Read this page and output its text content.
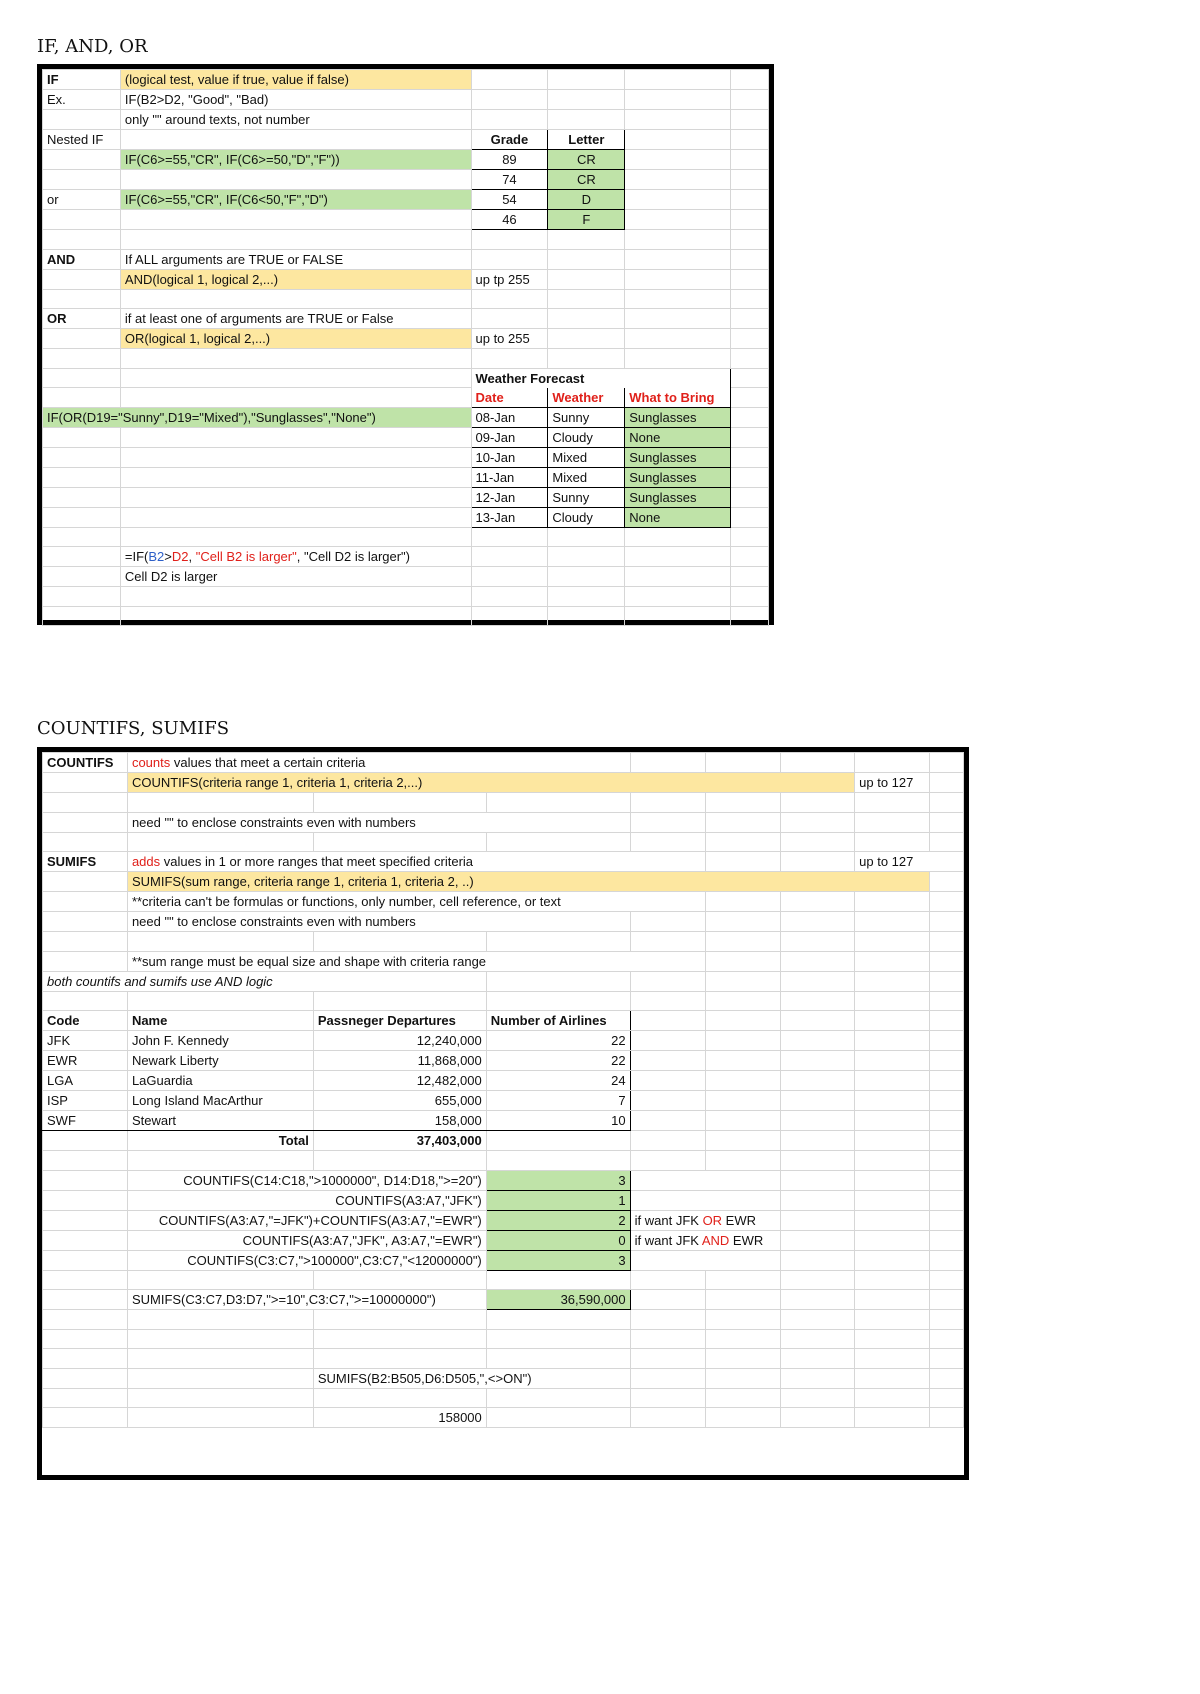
IF, AND, OR
IF	(logical test, value if true, value if false)				
Ex.	IF(B2>D2, "Good", "Bad)				
	only "" around texts, not number				
Nested IF		Grade	Letter		
	IF(C6>=55,"CR", IF(C6>=50,"D","F"))	89	CR		
		74	CR		
or	IF(C6>=55,"CR", IF(C6<50,"F","D")	54	D		
		46	F		

AND	If ALL arguments are TRUE or FALSE				
	AND(logical 1, logical 2,...)	up tp 255			

OR	if at least one of arguments are TRUE or False				
	OR(logical 1, logical 2,...)	up to 255			

		Weather Forecast			
		Date	Weather	What to Bring	
IF(OR(D19="Sunny",D19="Mixed"),"Sunglasses","None")		08-Jan	Sunny	Sunglasses	
		09-Jan	Cloudy	None	
		10-Jan	Mixed	Sunglasses	
		11-Jan	Mixed	Sunglasses	
		12-Jan	Sunny	Sunglasses	
		13-Jan	Cloudy	None	

	=IF(B2>D2, "Cell B2 is larger", "Cell D2 is larger")				
	Cell D2 is larger				

COUNTIFS, SUMIFS
COUNTIFS	counts values that meet a certain criteria							
	COUNTIFS(criteria range 1, criteria 1, criteria 2,...)						up to 127	

	need "" to enclose constraints even with numbers							

SUMIFS	adds values in 1 or more ranges that meet specified criteria						up to 127	
	SUMIFS(sum range, criteria range 1, criteria 1, criteria 2, ..)							
	**criteria can't be formulas or functions, only number, cell reference, or text							
	need "" to enclose constraints even with numbers							

	**sum range must be equal size and shape with criteria range							
both countifs and sumifs use AND logic								

Code	Name	Passneger Departures	Number of Airlines					
JFK	John F. Kennedy	12,240,000	22					
EWR	Newark Liberty	11,868,000	22					
LGA	LaGuardia	12,482,000	24					
ISP	Long Island MacArthur	655,000	7					
SWF	Stewart	158,000	10					
	Total	37,403,000						

	COUNTIFS(C14:C18,">1000000", D14:D18,">=20")		3					
	COUNTIFS(A3:A7,"JFK")		1					
	COUNTIFS(A3:A7,"=JFK")+COUNTIFS(A3:A7,"=EWR")		2	if want JFK OR EWR				
	COUNTIFS(A3:A7,"JFK", A3:A7,"=EWR")		0	if want JFK AND EWR				
	COUNTIFS(C3:C7,">100000",C3:C7,"<12000000")		3					

	SUMIFS(C3:C7,D3:D7,">=10",C3:C7,">=10000000")		36,590,000					

		SUMIFS(B2:B505,D6:D505,",<>ON")						

		158000						
